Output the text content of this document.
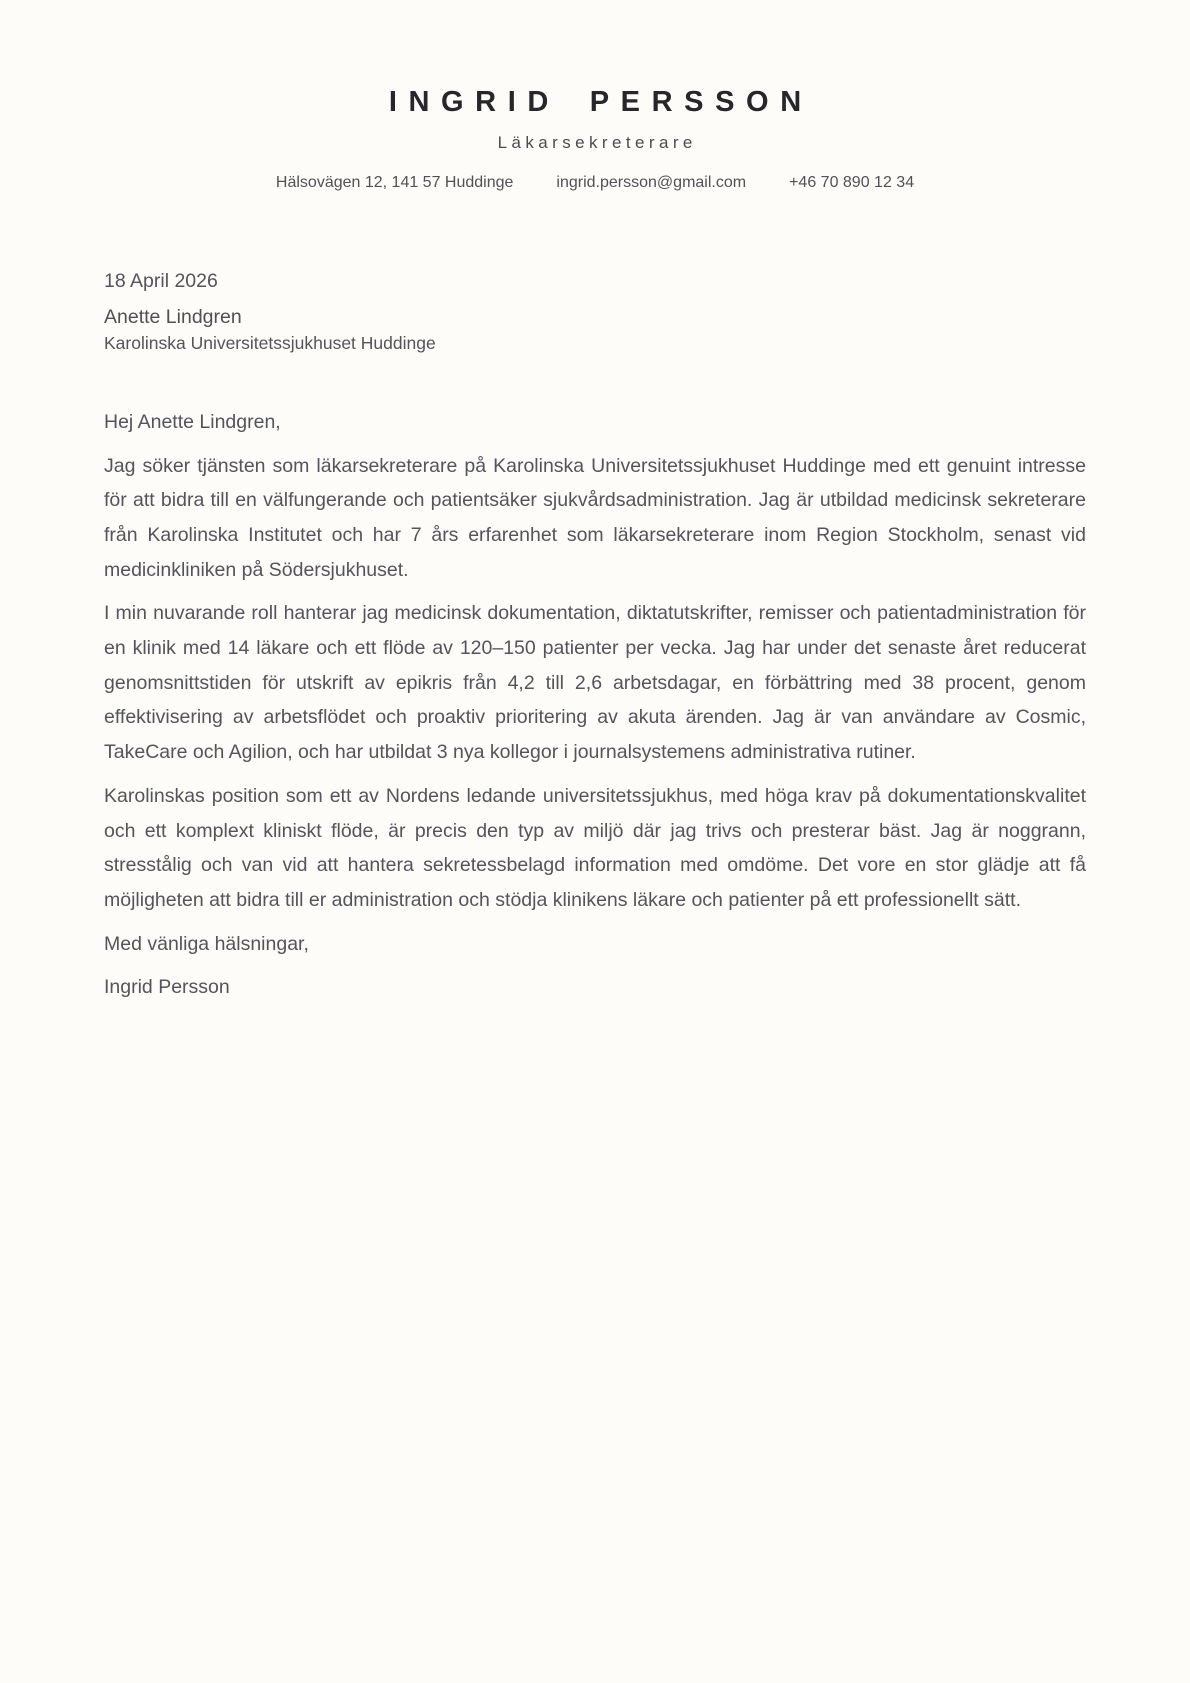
INGRID PERSSON
Läkarsekreterare
Hälsovägen 12, 141 57 Huddinge	ingrid.persson@gmail.com	+46 70 890 12 34
18 April 2026
Anette Lindgren
Karolinska Universitetssjukhuset Huddinge

Hej Anette Lindgren,

Jag söker tjänsten som läkarsekreterare på Karolinska Universitetssjukhuset Huddinge med ett genuint intresse för att bidra till en välfungerande och patientsäker sjukvårdsadministration. Jag är utbildad medicinsk sekreterare från Karolinska Institutet och har 7 års erfarenhet som läkarsekreterare inom Region Stockholm, senast vid medicinkliniken på Södersjukhuset.

I min nuvarande roll hanterar jag medicinsk dokumentation, diktatutskrifter, remisser och patientadministration för en klinik med 14 läkare och ett flöde av 120–150 patienter per vecka. Jag har under det senaste året reducerat genomsnittstiden för utskrift av epikris från 4,2 till 2,6 arbetsdagar, en förbättring med 38 procent, genom effektivisering av arbetsflödet och proaktiv prioritering av akuta ärenden. Jag är van användare av Cosmic, TakeCare och Agilion, och har utbildat 3 nya kollegor i journalsystemens administrativa rutiner.

Karolinskas position som ett av Nordens ledande universitetssjukhus, med höga krav på dokumentationskvalitet och ett komplext kliniskt flöde, är precis den typ av miljö där jag trivs och presterar bäst. Jag är noggrann, stresstålig och van vid att hantera sekretessbelagd information med omdöme. Det vore en stor glädje att få möjligheten att bidra till er administration och stödja klinikens läkare och patienter på ett professionellt sätt.

Med vänliga hälsningar,

Ingrid Persson
